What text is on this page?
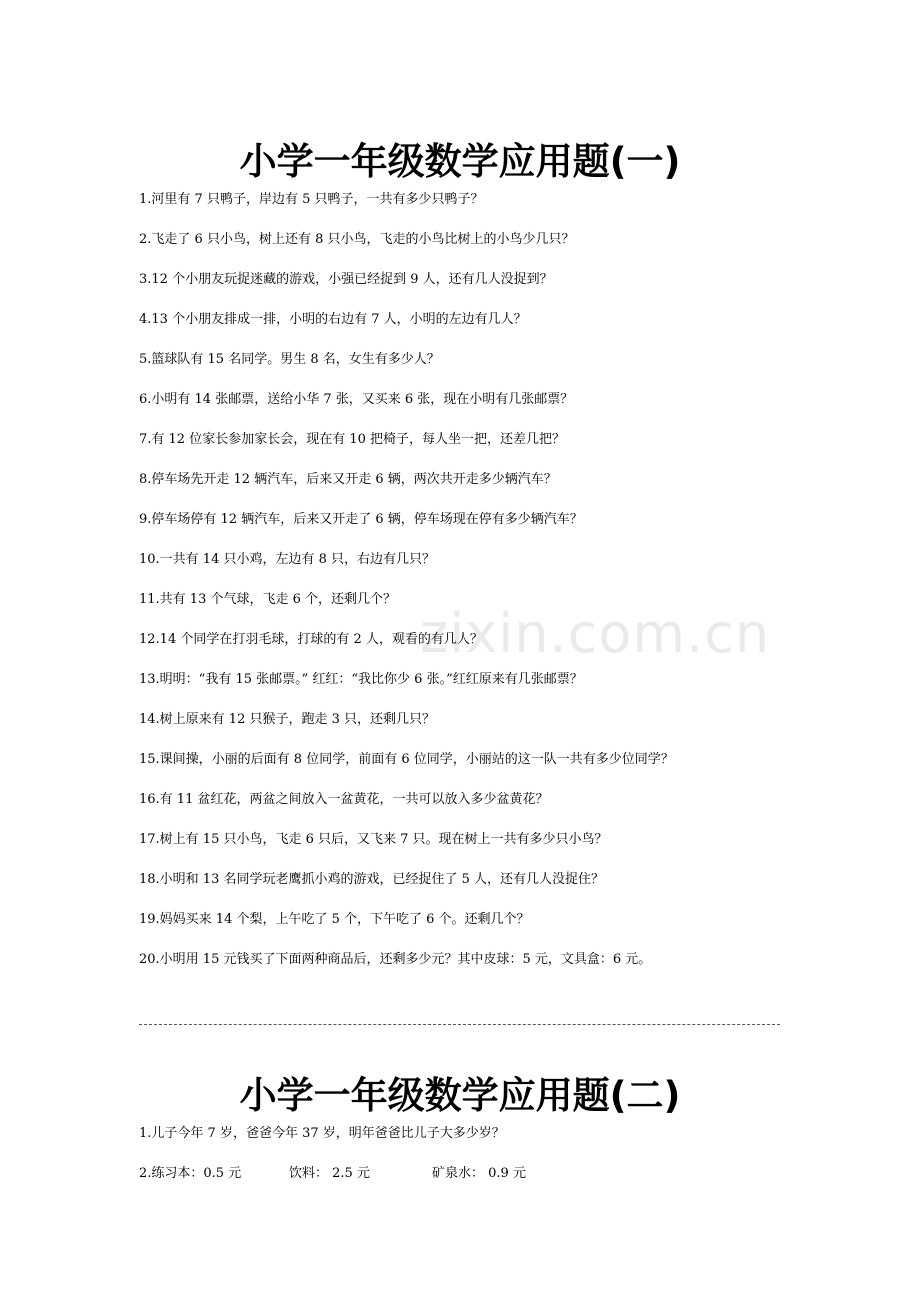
小学一年级数学应用题(一)
1.河里有 7 只鸭子，岸边有 5 只鸭子，一共有多少只鸭子？
2.飞走了 6 只小鸟，树上还有 8 只小鸟，飞走的小鸟比树上的小鸟少几只？
3.12 个小朋友玩捉迷藏的游戏，小强已经捉到 9 人，还有几人没捉到？
4.13 个小朋友排成一排，小明的右边有 7 人，小明的左边有几人？
5.篮球队有 15 名同学。男生 8 名，女生有多少人？
6.小明有 14 张邮票，送给小华 7 张，又买来 6 张，现在小明有几张邮票？
7.有 12 位家长参加家长会，现在有 10 把椅子，每人坐一把，还差几把？
8.停车场先开走 12 辆汽车，后来又开走 6 辆，两次共开走多少辆汽车？
9.停车场停有 12 辆汽车，后来又开走了 6 辆，停车场现在停有多少辆汽车？
10.一共有 14 只小鸡，左边有 8 只，右边有几只？
11.共有 13 个气球，飞走 6 个，还剩几个？
12.14 个同学在打羽毛球，打球的有 2 人，观看的有几人？
13.明明：“我有 15 张邮票。” 红红：“我比你少 6 张。”红红原来有几张邮票？
14.树上原来有 12 只猴子，跑走 3 只，还剩几只？
15.课间操，小丽的后面有 8 位同学，前面有 6 位同学，小丽站的这一队一共有多少位同学？
16.有 11 盆红花，两盆之间放入一盆黄花，一共可以放入多少盆黄花？
17.树上有 15 只小鸟，飞走 6 只后，又飞来 7 只。现在树上一共有多少只小鸟？
18.小明和 13 名同学玩老鹰抓小鸡的游戏，已经捉住了 5 人，还有几人没捉住？
19.妈妈买来 14 个梨，上午吃了 5 个，下午吃了 6 个。还剩几个？
20.小明用 15 元钱买了下面两种商品后，还剩多少元？其中皮球：5 元，文具盒：6 元。
zixin.com.cn
小学一年级数学应用题(二)
1.儿子今年 7 岁，爸爸今年 37 岁，明年爸爸比儿子大多少岁？
2.练习本：0.5 元	饮料： 2.5 元	矿泉水： 0.9 元
